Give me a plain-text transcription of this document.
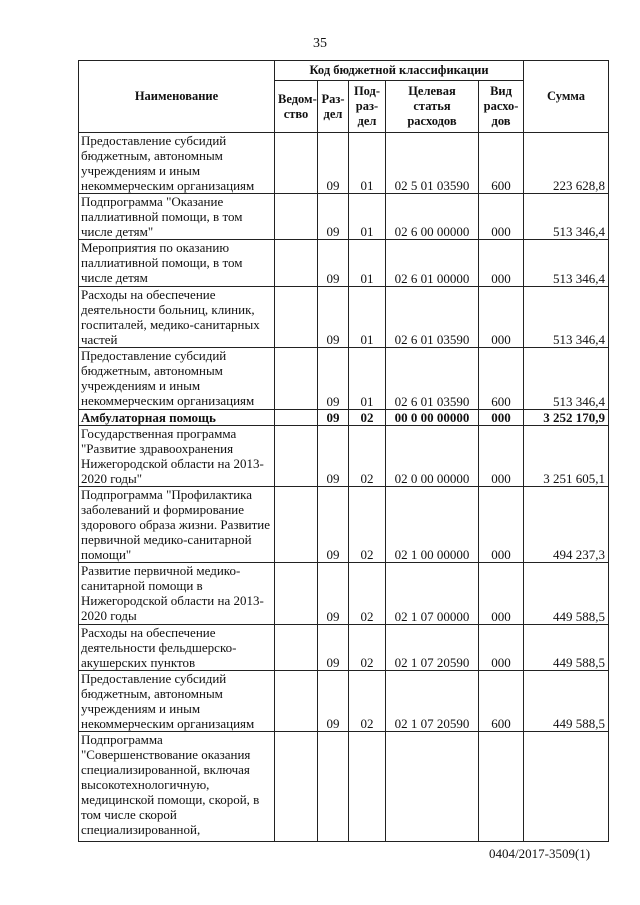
35
Наименование	Код бюджетной классификации					Сумма
	Ведом-ство	Раз-дел	Под-раз-дел	Целевая статья расходов	Вид расхо-дов	
Предоставление субсидий бюджетным, автономным учреждениям и иным некоммерческим организациям		09	01	02 5 01 03590	600	223 628,8
Подпрограмма "Оказание паллиативной помощи, в том числе детям"		09	01	02 6 00 00000	000	513 346,4
Мероприятия по оказанию паллиативной помощи, в том числе детям		09	01	02 6 01 00000	000	513 346,4
Расходы на обеспечение деятельности больниц, клиник, госпиталей, медико-санитарных частей		09	01	02 6 01 03590	000	513 346,4
Предоставление субсидий бюджетным, автономным учреждениям и иным некоммерческим организациям		09	01	02 6 01 03590	600	513 346,4
Амбулаторная помощь		09	02	00 0 00 00000	000	3 252 170,9
Государственная программа "Развитие здравоохранения Нижегородской области на 2013-2020 годы"		09	02	02 0 00 00000	000	3 251 605,1
Подпрограмма "Профилактика заболеваний и формирование здорового образа жизни. Развитие первичной медико-санитарной помощи"		09	02	02 1 00 00000	000	494 237,3
Развитие первичной медико-санитарной помощи в Нижегородской области на 2013-2020 годы		09	02	02 1 07 00000	000	449 588,5
Расходы на обеспечение деятельности фельдшерско-акушерских пунктов		09	02	02 1 07 20590	000	449 588,5
Предоставление субсидий бюджетным, автономным учреждениям и иным некоммерческим организациям		09	02	02 1 07 20590	600	449 588,5
Подпрограмма "Совершенствование оказания специализированной, включая высокотехнологичную, медицинской помощи, скорой, в том числе скорой специализированной,						
0404/2017-3509(1)
